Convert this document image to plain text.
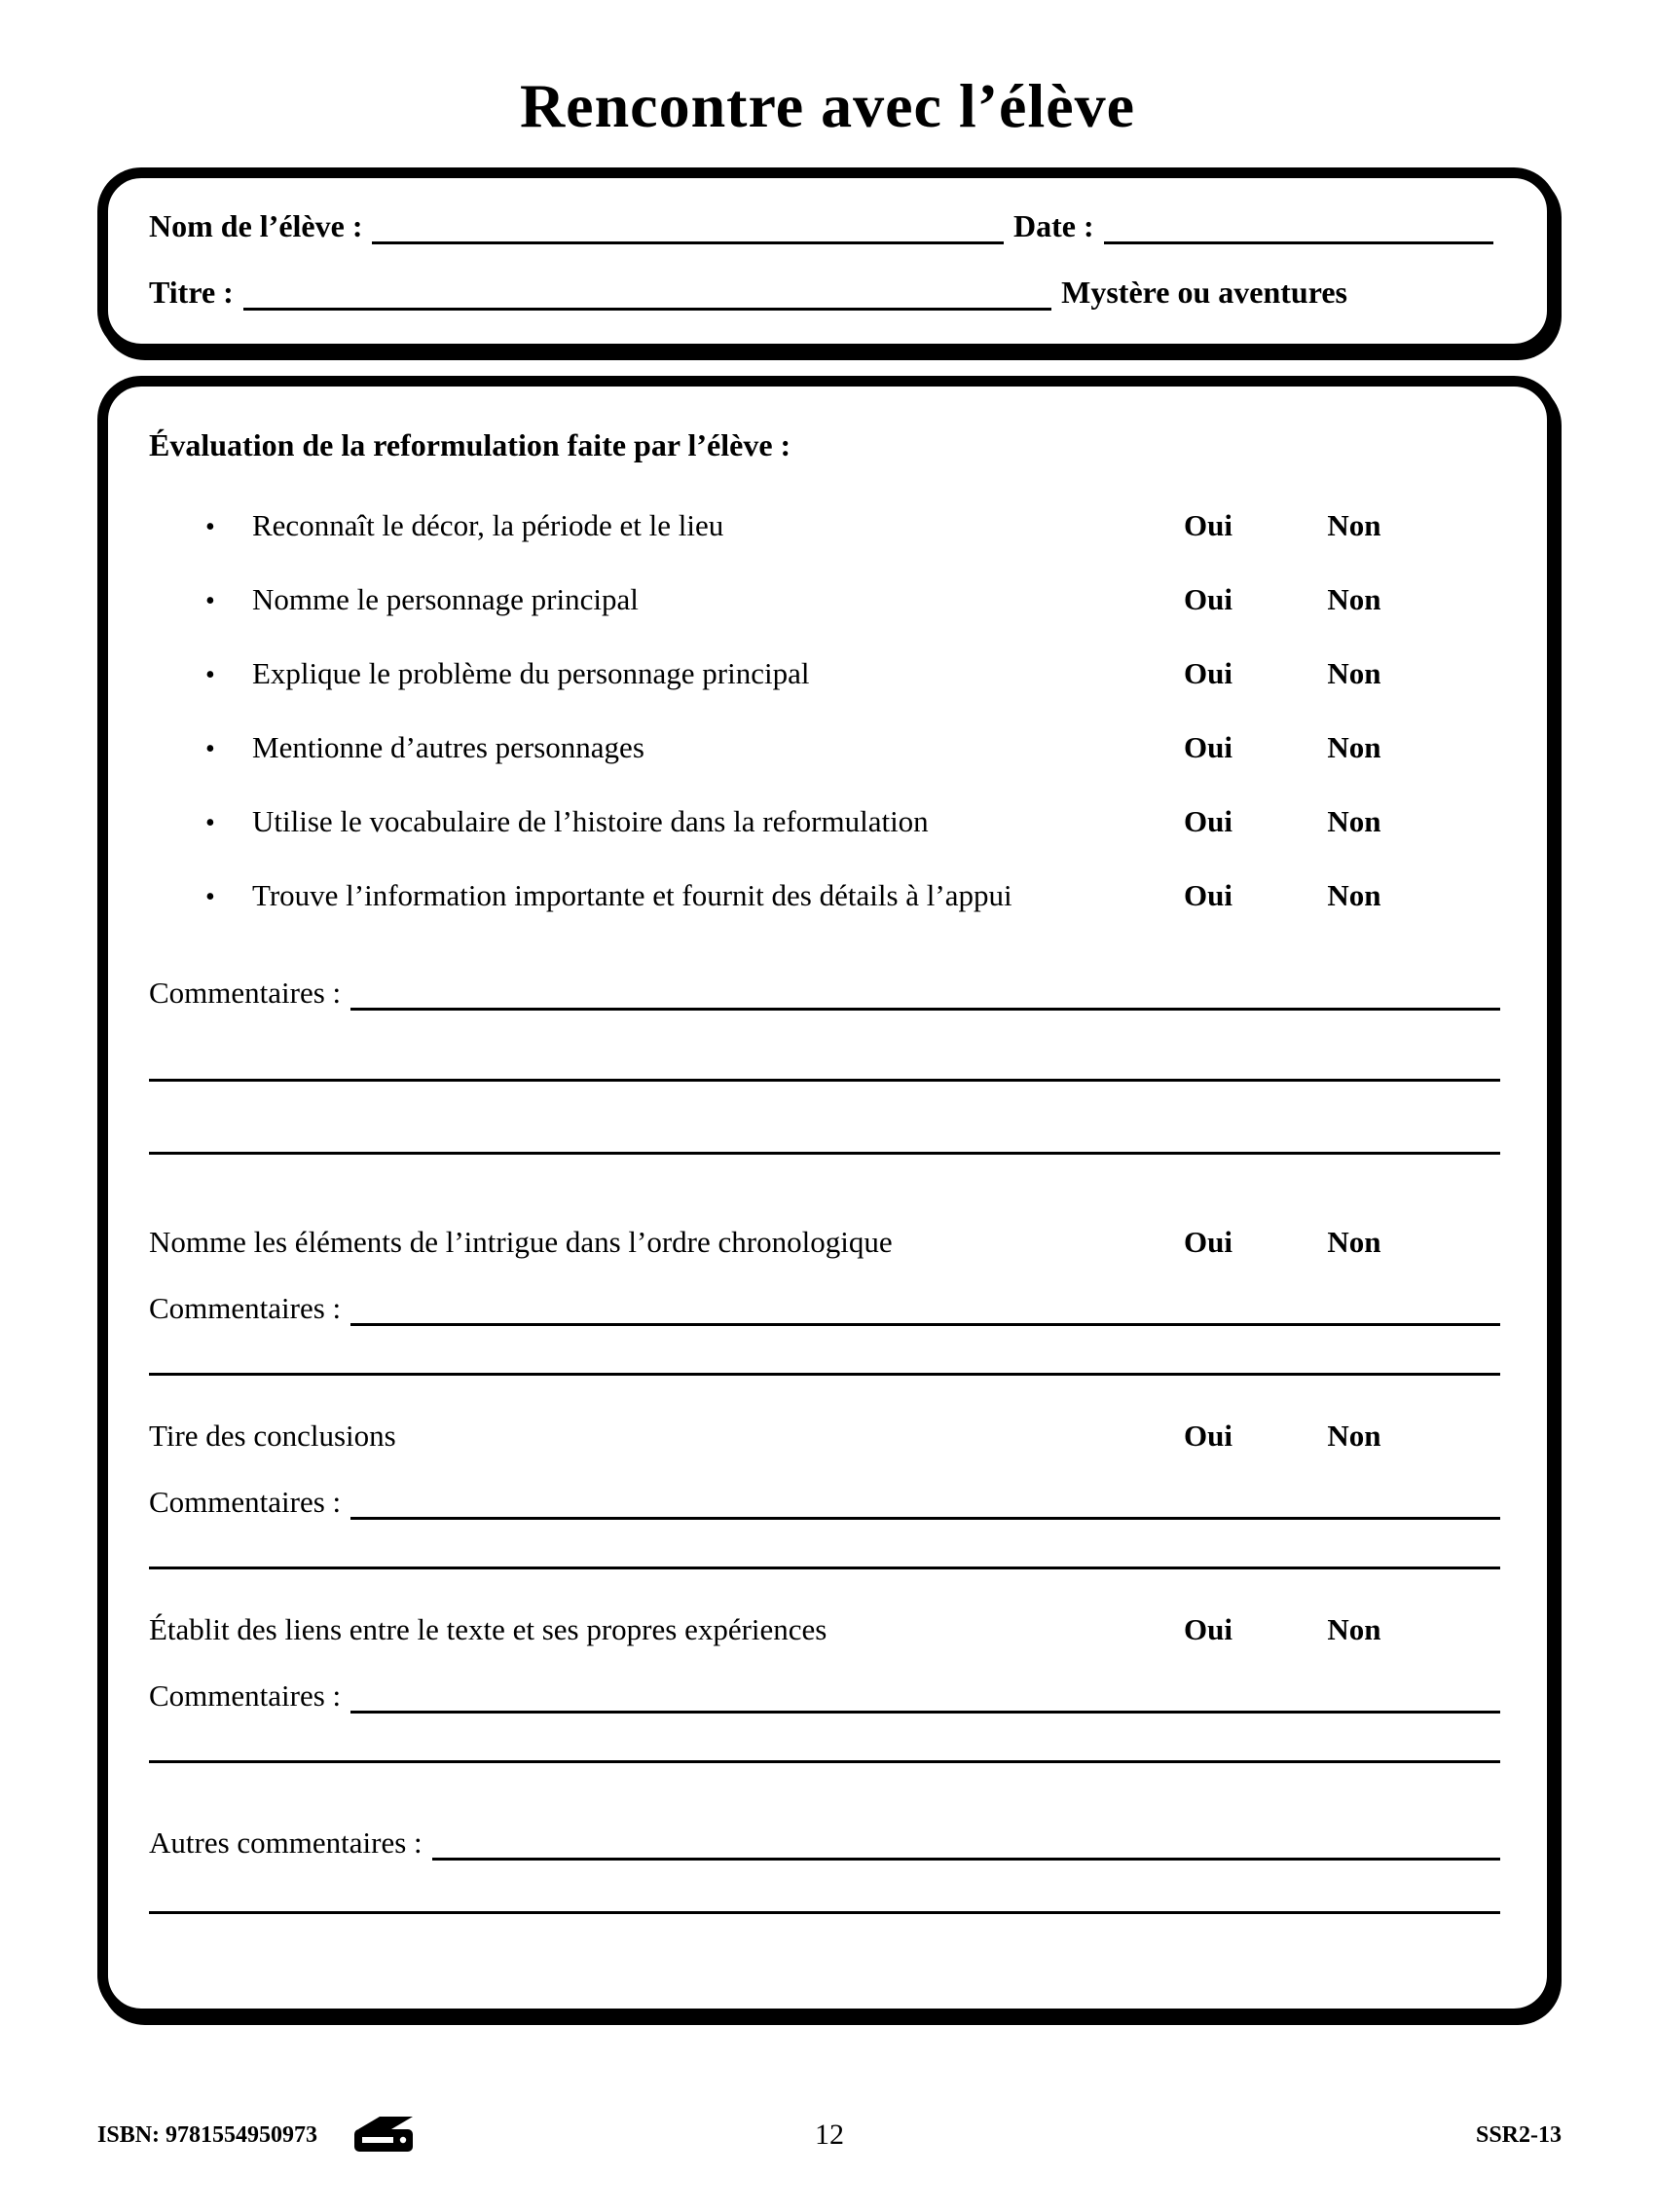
Rencontre avec l’élève
Nom de l’élève :	Date :
Titre :	Mystère ou aventures
Évaluation de la reformulation faite par l’élève :
•	Reconnaît le décor, la période et le lieu	Oui	Non
•	Nomme le personnage principal	Oui	Non
•	Explique le problème du personnage principal	Oui	Non
•	Mentionne d’autres personnages	Oui	Non
•	Utilise le vocabulaire de l’histoire dans la reformulation	Oui	Non
•	Trouve l’information importante et fournit des détails à l’appui	Oui	Non
Commentaires :
Nomme les éléments de l’intrigue dans l’ordre chronologique	Oui	Non
Commentaires :
Tire des conclusions	Oui	Non
Commentaires :
Établit des liens entre le texte et ses propres expériences	Oui	Non
Commentaires :
Autres commentaires :
ISBN: 9781554950973	12	SSR2-13
